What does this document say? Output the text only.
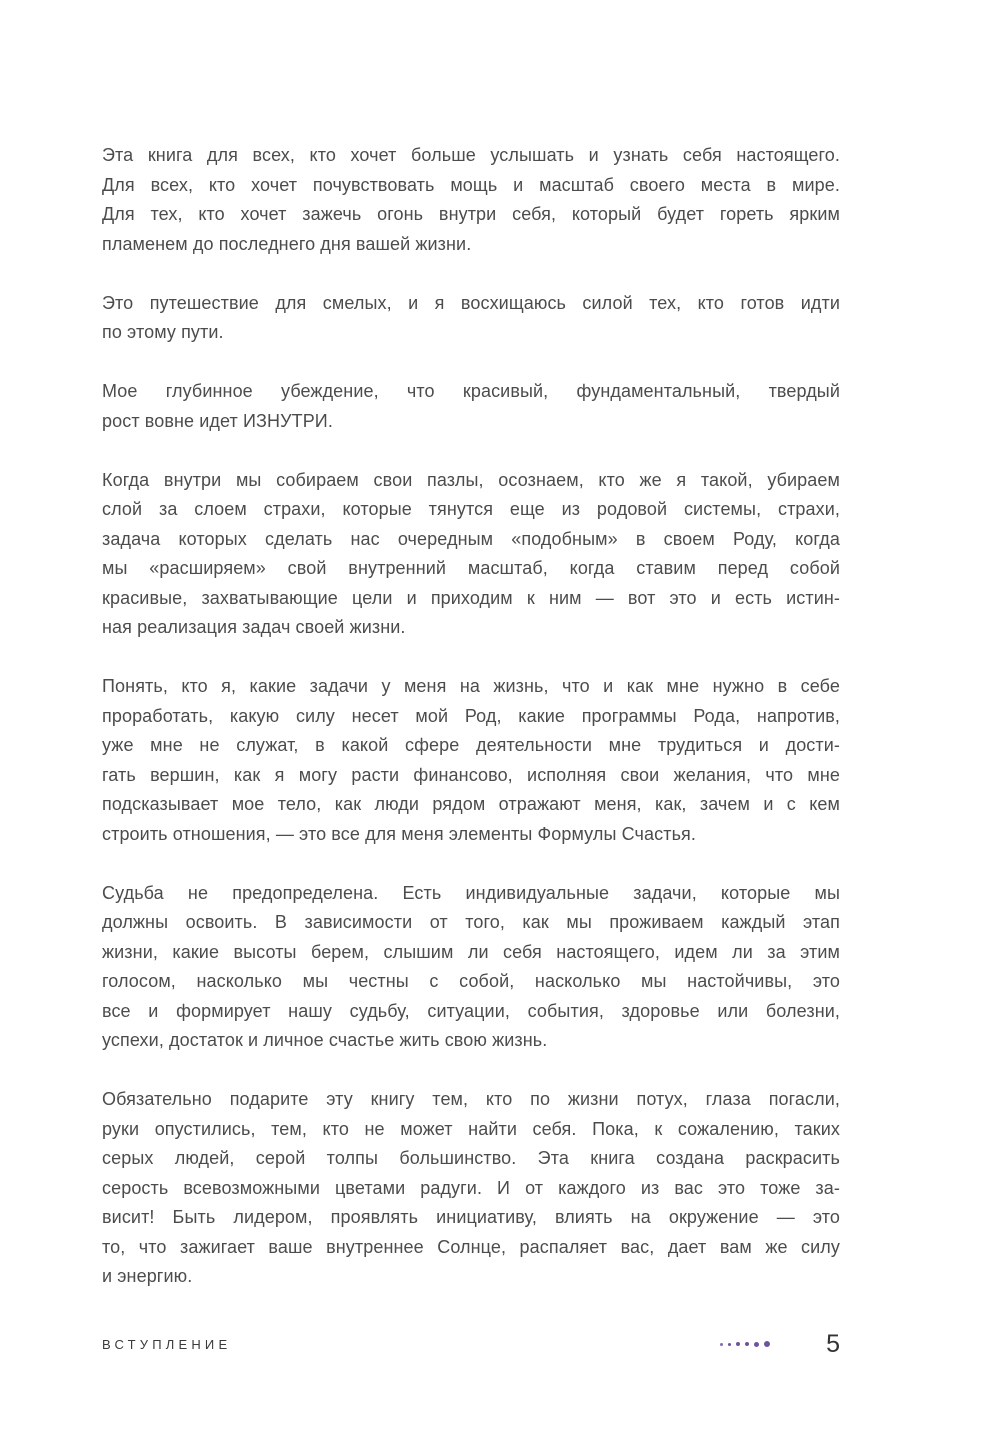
Эта книга для всех, кто хочет больше услышать и узнать себя настоящего.
Для всех, кто хочет почувствовать мощь и масштаб своего места в мире.
Для тех, кто хочет зажечь огонь внутри себя, который будет гореть ярким
пламенем до последнего дня вашей жизни.
Это путешествие для смелых, и я восхищаюсь силой тех, кто готов идти
по этому пути.
Мое глубинное убеждение, что красивый, фундаментальный, твердый
рост вовне идет ИЗНУТРИ.
Когда внутри мы собираем свои пазлы, осознаем, кто же я такой, убираем
слой за слоем страхи, которые тянутся еще из родовой системы, страхи,
задача которых сделать нас очередным «подобным» в своем Роду, когда
мы «расширяем» свой внутренний масштаб, когда ставим перед собой
красивые, захватывающие цели и приходим к ним — вот это и есть истин-
ная реализация задач своей жизни.
Понять, кто я, какие задачи у меня на жизнь, что и как мне нужно в себе
проработать, какую силу несет мой Род, какие программы Рода, напротив,
уже мне не служат, в какой сфере деятельности мне трудиться и дости-
гать вершин, как я могу расти финансово, исполняя свои желания, что мне
подсказывает мое тело, как люди рядом отражают меня, как, зачем и с кем
строить отношения, — это все для меня элементы Формулы Счастья.
Судьба не предопределена. Есть индивидуальные задачи, которые мы
должны освоить. В зависимости от того, как мы проживаем каждый этап
жизни, какие высоты берем, слышим ли себя настоящего, идем ли за этим
голосом, насколько мы честны с собой, насколько мы настойчивы, это
все и формирует нашу судьбу, ситуации, события, здоровье или болезни,
успехи, достаток и личное счастье жить свою жизнь.
Обязательно подарите эту книгу тем, кто по жизни потух, глаза погасли,
руки опустились, тем, кто не может найти себя. Пока, к сожалению, таких
серых людей, серой толпы большинство. Эта книга создана раскрасить
серость всевозможными цветами радуги. И от каждого из вас это тоже за-
висит! Быть лидером, проявлять инициативу, влиять на окружение — это
то, что зажигает ваше внутреннее Солнце, распаляет вас, дает вам же силу
и энергию.
ВСТУПЛЕНИЕ	5
